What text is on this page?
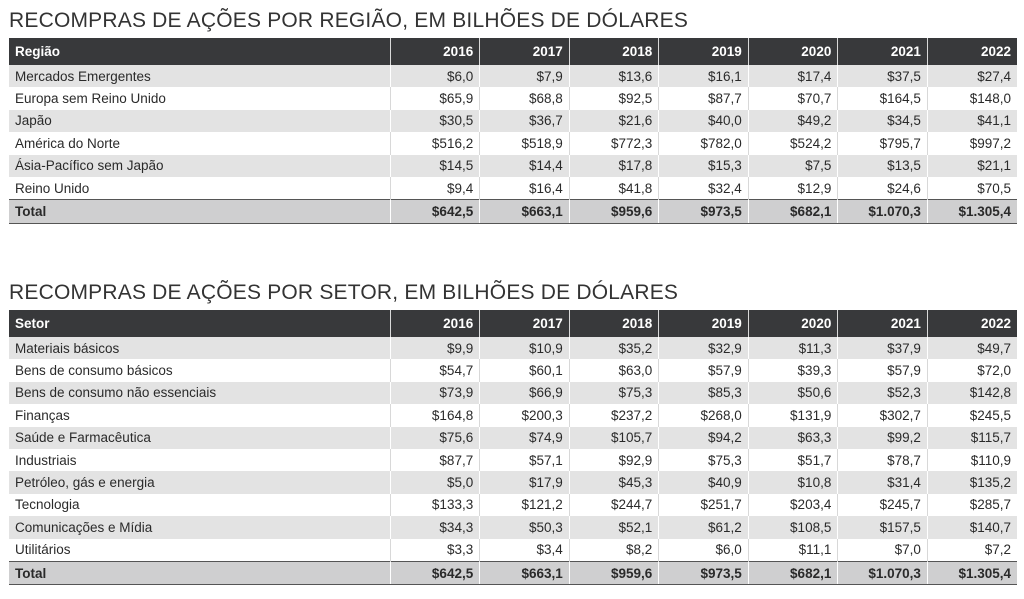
RECOMPRAS DE AÇÕES POR REGIÃO, EM BILHÕES DE DÓLARES
Região	2016	2017	2018	2019	2020	2021	2022
Mercados Emergentes	$6,0	$7,9	$13,6	$16,1	$17,4	$37,5	$27,4
Europa sem Reino Unido	$65,9	$68,8	$92,5	$87,7	$70,7	$164,5	$148,0
Japão	$30,5	$36,7	$21,6	$40,0	$49,2	$34,5	$41,1
América do Norte	$516,2	$518,9	$772,3	$782,0	$524,2	$795,7	$997,2
Ásia-Pacífico sem Japão	$14,5	$14,4	$17,8	$15,3	$7,5	$13,5	$21,1
Reino Unido	$9,4	$16,4	$41,8	$32,4	$12,9	$24,6	$70,5
Total	$642,5	$663,1	$959,6	$973,5	$682,1	$1.070,3	$1.305,4
RECOMPRAS DE AÇÕES POR SETOR, EM BILHÕES DE DÓLARES
Setor	2016	2017	2018	2019	2020	2021	2022
Materiais básicos	$9,9	$10,9	$35,2	$32,9	$11,3	$37,9	$49,7
Bens de consumo básicos	$54,7	$60,1	$63,0	$57,9	$39,3	$57,9	$72,0
Bens de consumo não essenciais	$73,9	$66,9	$75,3	$85,3	$50,6	$52,3	$142,8
Finanças	$164,8	$200,3	$237,2	$268,0	$131,9	$302,7	$245,5
Saúde e Farmacêutica	$75,6	$74,9	$105,7	$94,2	$63,3	$99,2	$115,7
Industriais	$87,7	$57,1	$92,9	$75,3	$51,7	$78,7	$110,9
Petróleo, gás e energia	$5,0	$17,9	$45,3	$40,9	$10,8	$31,4	$135,2
Tecnologia	$133,3	$121,2	$244,7	$251,7	$203,4	$245,7	$285,7
Comunicações e Mídia	$34,3	$50,3	$52,1	$61,2	$108,5	$157,5	$140,7
Utilitários	$3,3	$3,4	$8,2	$6,0	$11,1	$7,0	$7,2
Total	$642,5	$663,1	$959,6	$973,5	$682,1	$1.070,3	$1.305,4
